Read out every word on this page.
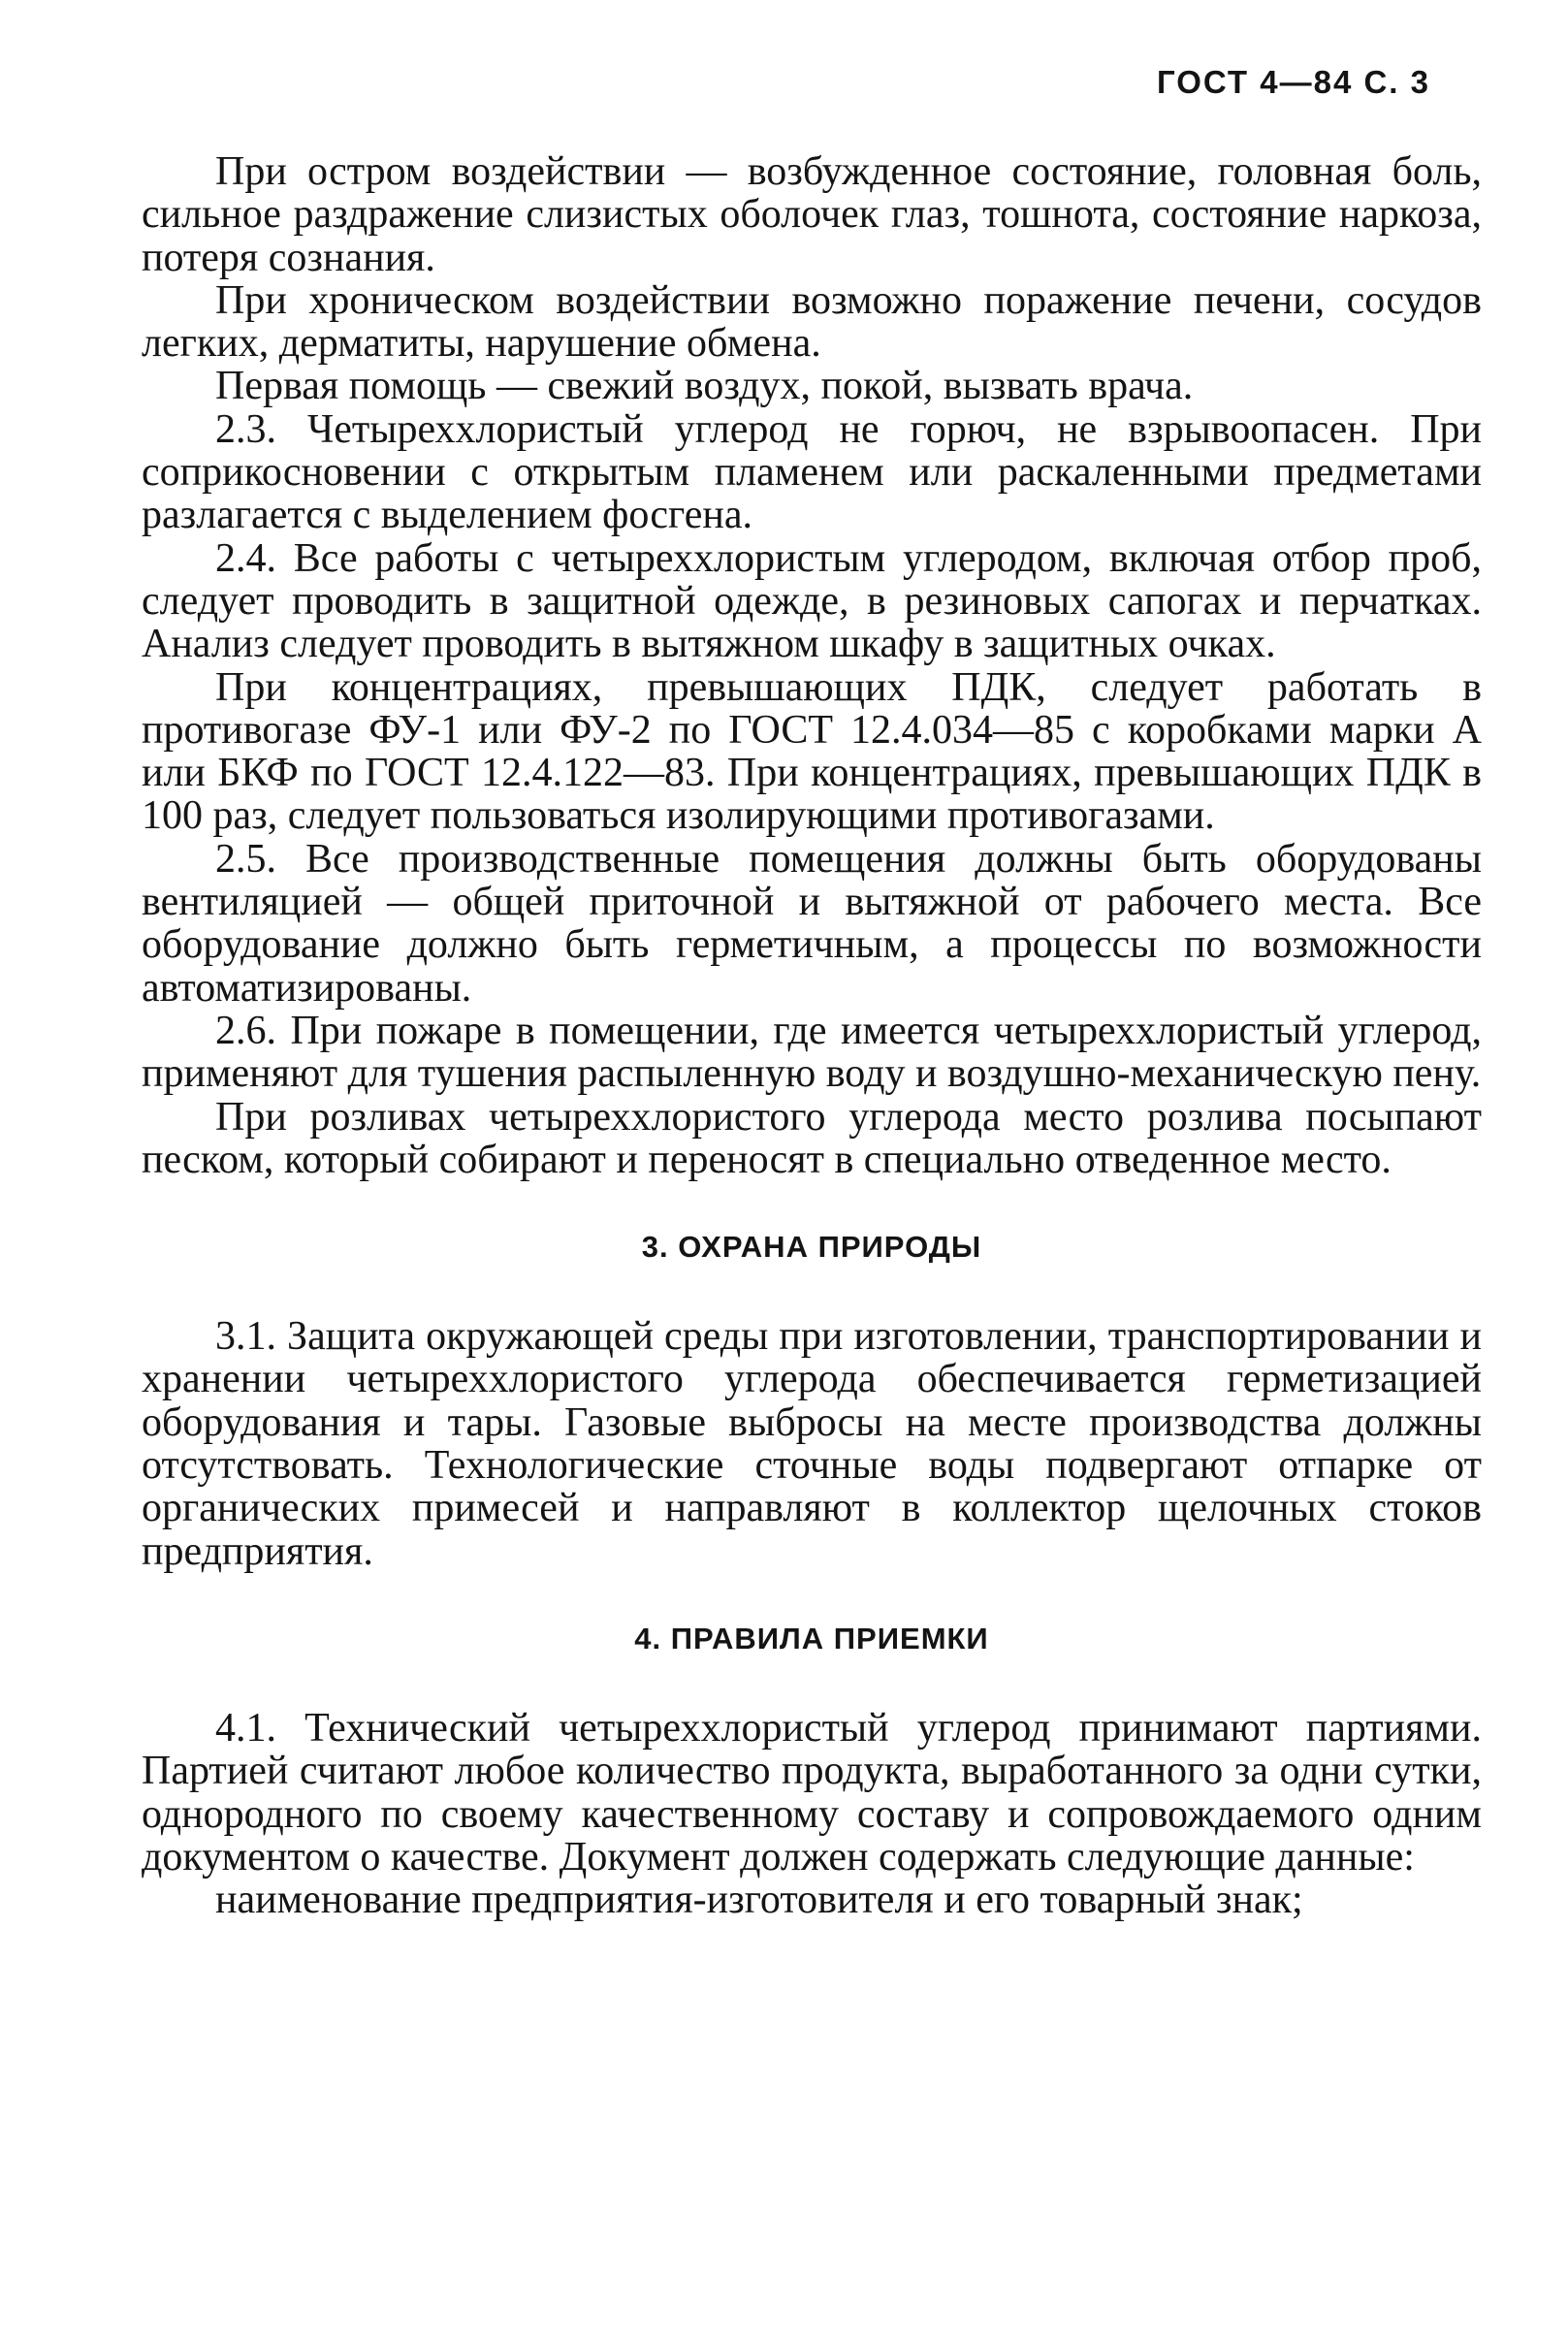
ГОСТ 4—84 С. 3

При остром воздействии — возбужденное состояние, головная боль, сильное раздражение слизистых оболочек глаз, тошнота, состояние наркоза, потеря сознания.

При хроническом воздействии возможно поражение печени, сосудов легких, дерматиты, нарушение обмена.

Первая помощь — свежий воздух, покой, вызвать врача.

2.3. Четыреххлористый углерод не горюч, не взрывоопасен. При соприкосновении с открытым пламенем или раскаленными предметами разлагается с выделением фосгена.

2.4. Все работы с четыреххлористым углеродом, включая отбор проб, следует проводить в защитной одежде, в резиновых сапогах и перчатках. Анализ следует проводить в вытяжном шкафу в защитных очках.

При концентрациях, превышающих ПДК, следует работать в противогазе ФУ-1 или ФУ-2 по ГОСТ 12.4.034—85 с коробками марки А или БКФ по ГОСТ 12.4.122—83. При концентрациях, превышающих ПДК в 100 раз, следует пользоваться изолирующими противогазами.

2.5. Все производственные помещения должны быть оборудованы вентиляцией — общей приточной и вытяжной от рабочего места. Все оборудование должно быть герметичным, а процессы по возможности автоматизированы.

2.6. При пожаре в помещении, где имеется четыреххлористый углерод, применяют для тушения распыленную воду и воздушно-механическую пену.

При розливах четыреххлористого углерода место розлива посыпают песком, который собирают и переносят в специально отведенное место.

3. ОХРАНА ПРИРОДЫ

3.1. Защита окружающей среды при изготовлении, транспортировании и хранении четыреххлористого углерода обеспечивается герметизацией оборудования и тары. Газовые выбросы на месте производства должны отсутствовать. Технологические сточные воды подвергают отпарке от органических примесей и направляют в коллектор щелочных стоков предприятия.

4. ПРАВИЛА ПРИЕМКИ

4.1. Технический четыреххлористый углерод принимают партиями. Партией считают любое количество продукта, выработанного за одни сутки, однородного по своему качественному составу и сопровождаемого одним документом о качестве. Документ должен содержать следующие данные:

наименование предприятия-изготовителя и его товарный знак;
